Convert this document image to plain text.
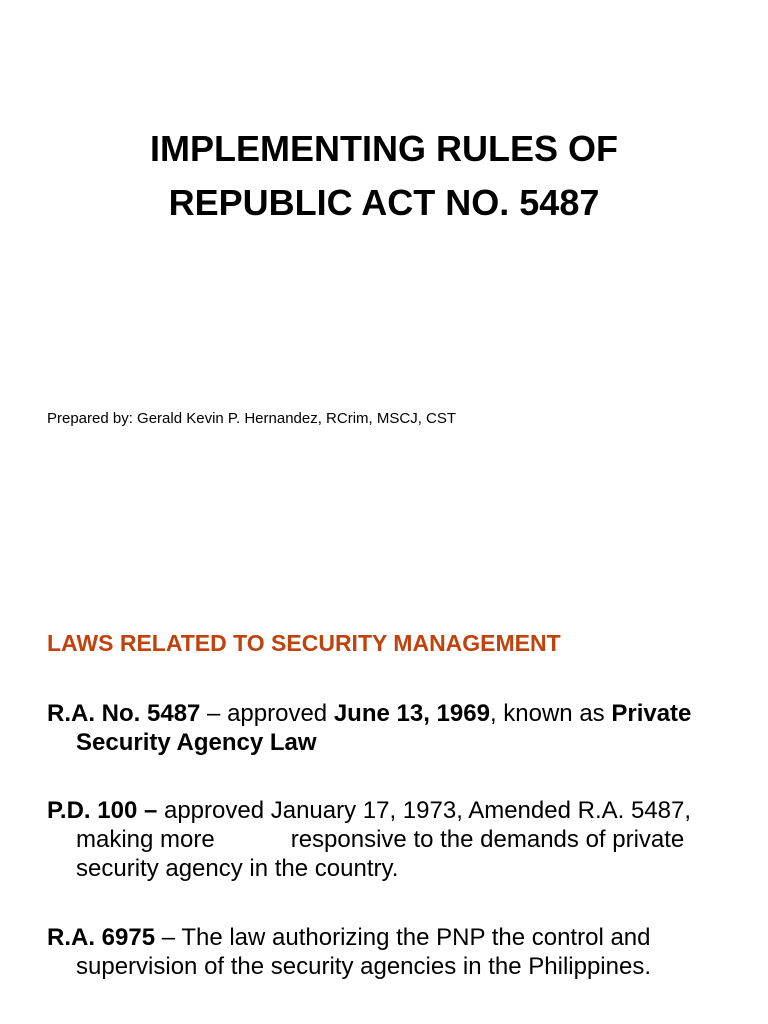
IMPLEMENTING RULES OF
REPUBLIC ACT NO. 5487

Prepared by: Gerald Kevin P. Hernandez, RCrim, MSCJ, CST

LAWS RELATED TO SECURITY MANAGEMENT

R.A. No. 5487 – approved June 13, 1969, known as Private Security Agency Law

P.D. 100 – approved January 17, 1973, Amended R.A. 5487, making more	responsive to the demands of private security agency in the country.

R.A. 6975 – The law authorizing the PNP the control and supervision of the security agencies in the Philippines.
